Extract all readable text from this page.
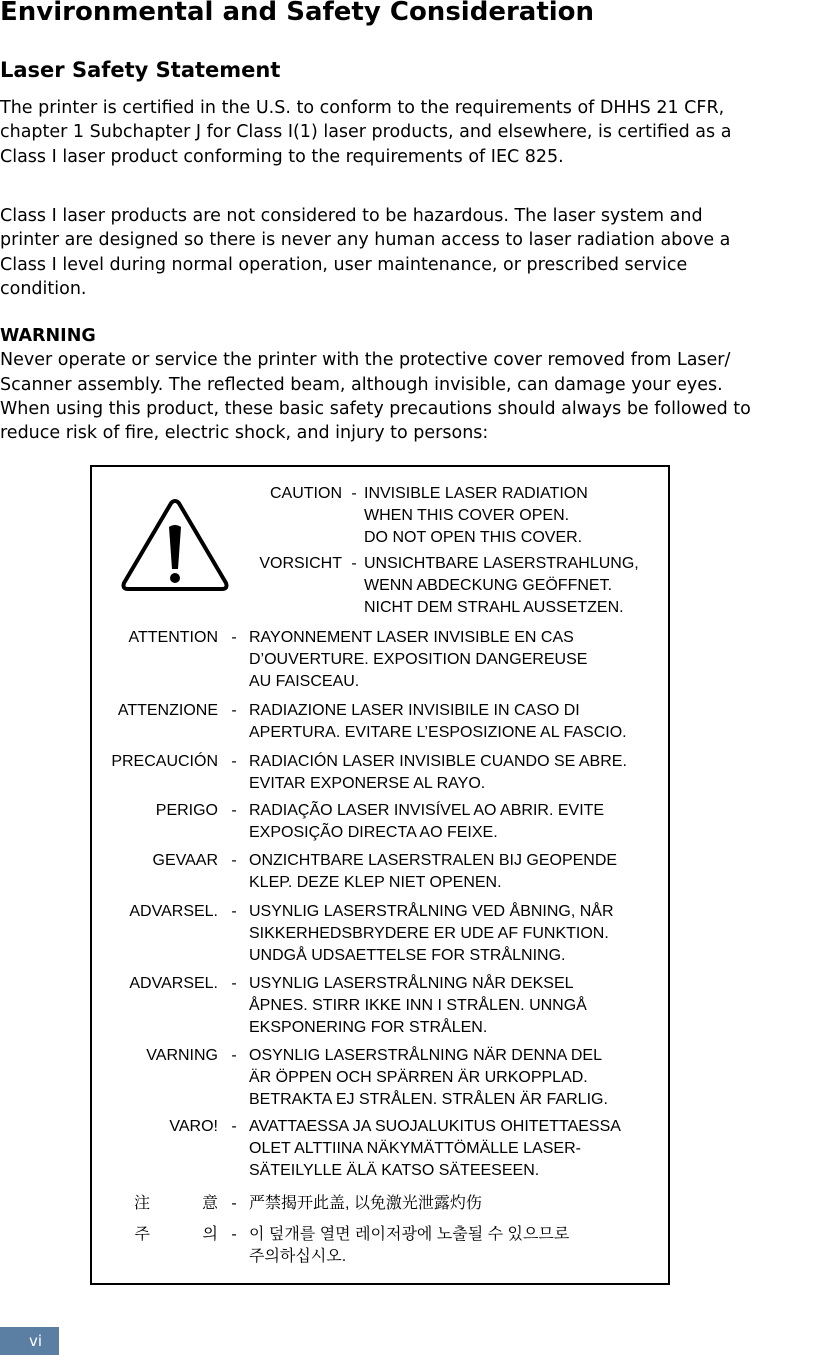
Environmental and Safety Consideration
Laser Safety Statement

The printer is certified in the U.S. to conform to the requirements of DHHS 21 CFR,
chapter 1 Subchapter J for Class I(1) laser products, and elsewhere, is certified as a
Class I laser product conforming to the requirements of IEC 825.

Class I laser products are not considered to be hazardous. The laser system and
printer are designed so there is never any human access to laser radiation above a
Class I level during normal operation, user maintenance, or prescribed service
condition.

WARNING
Never operate or service the printer with the protective cover removed from Laser/
Scanner assembly. The reflected beam, although invisible, can damage your eyes.
When using this product, these basic safety precautions should always be followed to
reduce risk of fire, electric shock, and injury to persons:

CAUTION - INVISIBLE LASER RADIATION
WHEN THIS COVER OPEN.
DO NOT OPEN THIS COVER.
VORSICHT - UNSICHTBARE LASERSTRAHLUNG,
WENN ABDECKUNG GEÖFFNET.
NICHT DEM STRAHL AUSSETZEN.
ATTENTION - RAYONNEMENT LASER INVISIBLE EN CAS
D’OUVERTURE. EXPOSITION DANGEREUSE
AU FAISCEAU.
ATTENZIONE - RADIAZIONE LASER INVISIBILE IN CASO DI
APERTURA. EVITARE L’ESPOSIZIONE AL FASCIO.
PRECAUCIÓN - RADIACIÓN LASER INVISIBLE CUANDO SE ABRE.
EVITAR EXPONERSE AL RAYO.
PERIGO - RADIAÇÃO LASER INVISÍVEL AO ABRIR. EVITE
EXPOSIÇÃO DIRECTA AO FEIXE.
GEVAAR - ONZICHTBARE LASERSTRALEN BIJ GEOPENDE
KLEP. DEZE KLEP NIET OPENEN.
ADVARSEL. - USYNLIG LASERSTRÅLNING VED ÅBNING, NÅR
SIKKERHEDSBRYDERE ER UDE AF FUNKTION.
UNDGÅ UDSAETTELSE FOR STRÅLNING.
ADVARSEL. - USYNLIG LASERSTRÅLNING NÅR DEKSEL
ÅPNES. STIRR IKKE INN I STRÅLEN. UNNGÅ
EKSPONERING FOR STRÅLEN.
VARNING - OSYNLIG LASERSTRÅLNING NÄR DENNA DEL
ÄR ÖPPEN OCH SPÄRREN ÄR URKOPPLAD.
BETRAKTA EJ STRÅLEN. STRÅLEN ÄR FARLIG.
VARO! - AVATTAESSA JA SUOJALUKITUS OHITETTAESSA
OLET ALTTIINA NÄKYMÄTTÖMÄLLE LASER-
SÄTEILYLLE ÄLÄ KATSO SÄTEESEEN.
注	意 - 严禁揭开此盖, 以免激光泄露灼伤
주	의 - 이 덮개를 열면 레이저광에 노출될 수 있으므로
주의하십시오.
vi
